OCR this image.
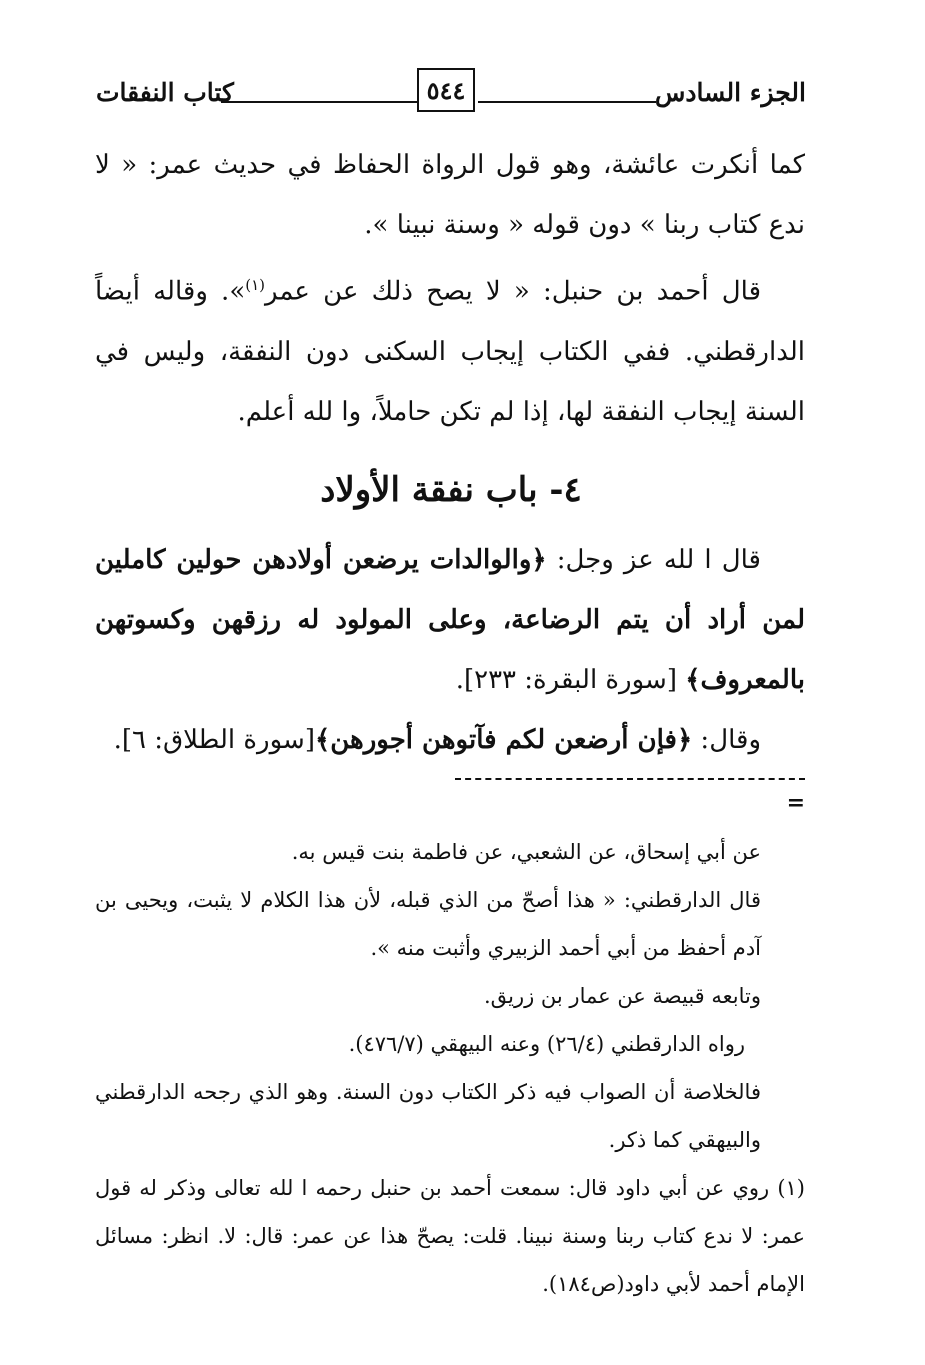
الجزء السادس
٥٤٤
كتاب النفقات

كما أنكرت عائشة، وهو قول الرواة الحفاظ في حديث عمر: « لا ندع كتاب ربنا » دون قوله « وسنة نبينا ».

قال أحمد بن حنبل: « لا يصح ذلك عن عمر$^{(١)}$». وقاله أيضاً الدارقطني. ففي الكتاب إيجاب السكنى دون النفقة، وليس في السنة إيجاب النفقة لها، إذا لم تكن حاملاً، وا لله أعلم.

٤- باب نفقة الأولاد

قال ا لله عز وجل: ﴿والوالدات يرضعن أولادهن حولين كاملين لمن أراد أن يتم الرضاعة، وعلى المولود له رزقهن وكسوتهن بالمعروف﴾ [سورة البقرة: ٢٣٣].

وقال: ﴿فإن أرضعن لكم فآتوهن أجورهن﴾[سورة الطلاق: ٦].

=

عن أبي إسحاق، عن الشعبي، عن فاطمة بنت قيس به.

قال الدارقطني: « هذا أصحّ من الذي قبله، لأن هذا الكلام لا يثبت، ويحيى بن آدم أحفظ من أبي أحمد الزبيري وأثبت منه ».

وتابعه قبيصة عن عمار بن زريق.

رواه الدارقطني (٢٦/٤) وعنه البيهقي (٤٧٦/٧).

فالخلاصة أن الصواب فيه ذكر الكتاب دون السنة. وهو الذي رجحه الدارقطني والبيهقي كما ذكر.

(١) روي عن أبي داود قال: سمعت أحمد بن حنبل رحمه ا لله تعالى وذكر له قول عمر: لا ندع كتاب ربنا وسنة نبينا. قلت: يصحّ هذا عن عمر: قال: لا. انظر: مسائل الإمام أحمد لأبي داود(ص١٨٤).
